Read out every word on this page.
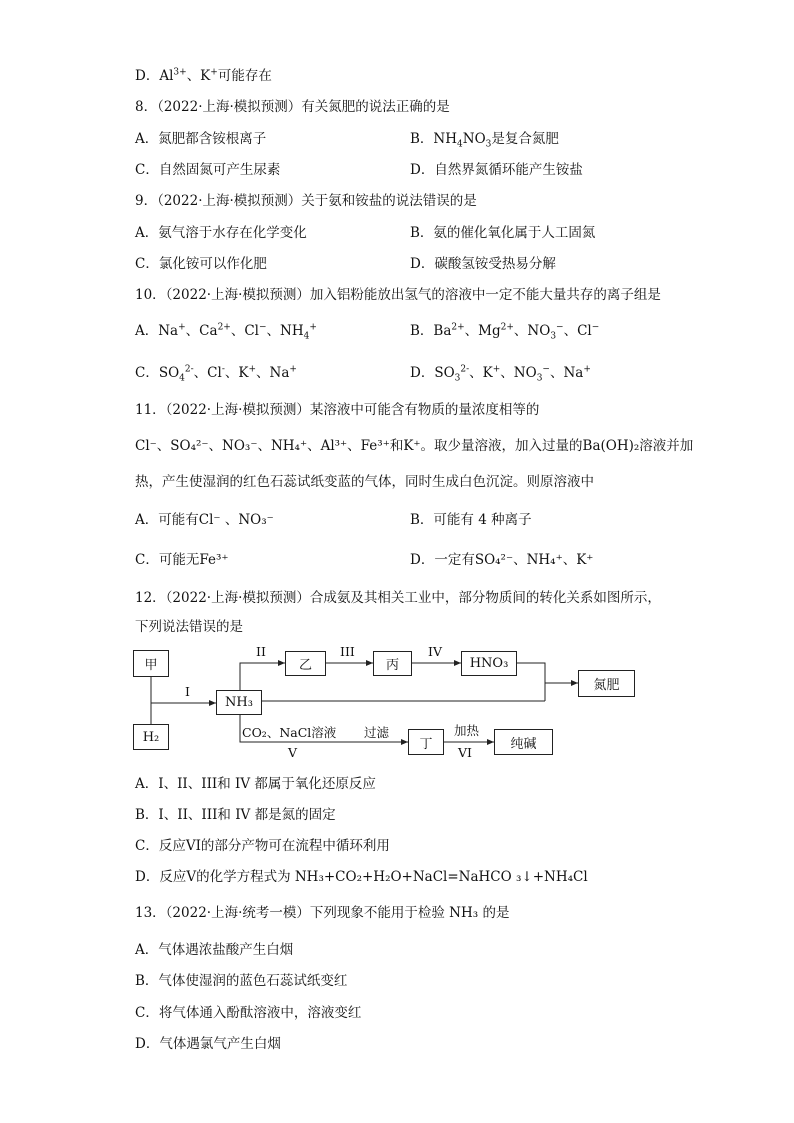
D．$Al^{3+}$、K+可能存在
8．（2022·上海·模拟预测）有关氮肥的说法正确的是
A．氮肥都含铵根离子	B．$NH_4NO_3$是复合氮肥
C．自然固氮可产生尿素	D．自然界氮循环能产生铵盐
9．（2022·上海·模拟预测）关于氨和铵盐的说法错误的是
A．氨气溶于水存在化学变化	B．氨的催化氧化属于人工固氮
C．氯化铵可以作化肥	D．碳酸氢铵受热易分解
10．（2022·上海·模拟预测）加入铝粉能放出氢气的溶液中一定不能大量共存的离子组是
A．Na+、$Ca^{2+}$、Cl−、$NH_4^+$	B．$Ba^{2+}$、$Mg^{2+}$、$NO_3^-$、Cl−
C．$SO_4^{2-}$、Cl-、K+、Na+	D．$SO_3^{2-}$、K+、$NO_3^-$、Na+
11．（2022·上海·模拟预测）某溶液中可能含有物质的量浓度相等的
Cl⁻、SO₄²⁻、NO₃⁻、NH₄⁺、Al³⁺、Fe³⁺和K⁺。取少量溶液，加入过量的Ba(OH)₂溶液并加
热，产生使湿润的红色石蕊试纸变蓝的气体，同时生成白色沉淀。则原溶液中
A．可能有Cl⁻ 、NO₃⁻	B．可能有 4 种离子
C．可能无Fe³⁺	D．一定有SO₄²⁻、NH₄⁺、K⁺
12．（2022·上海·模拟预测）合成氨及其相关工业中，部分物质间的转化关系如图所示，
下列说法错误的是
甲
H₂
NH₃
乙	丙	HNO₃
氮肥
丁	纯碱
I
II	III	IV
CO₂、NaCl溶液
V
过滤	加热
VI
A．I、II、III和 IV 都属于氧化还原反应
B．I、II、III和 IV 都是氮的固定
C．反应VI的部分产物可在流程中循环利用
D．反应V的化学方程式为 NH₃+CO₂+H₂O+NaCl=NaHCO ₃↓+NH₄Cl
13．（2022·上海·统考一模）下列现象不能用于检验 NH₃ 的是
A．气体遇浓盐酸产生白烟
B．气体使湿润的蓝色石蕊试纸变红
C．将气体通入酚酞溶液中，溶液变红
D．气体遇氯气产生白烟
